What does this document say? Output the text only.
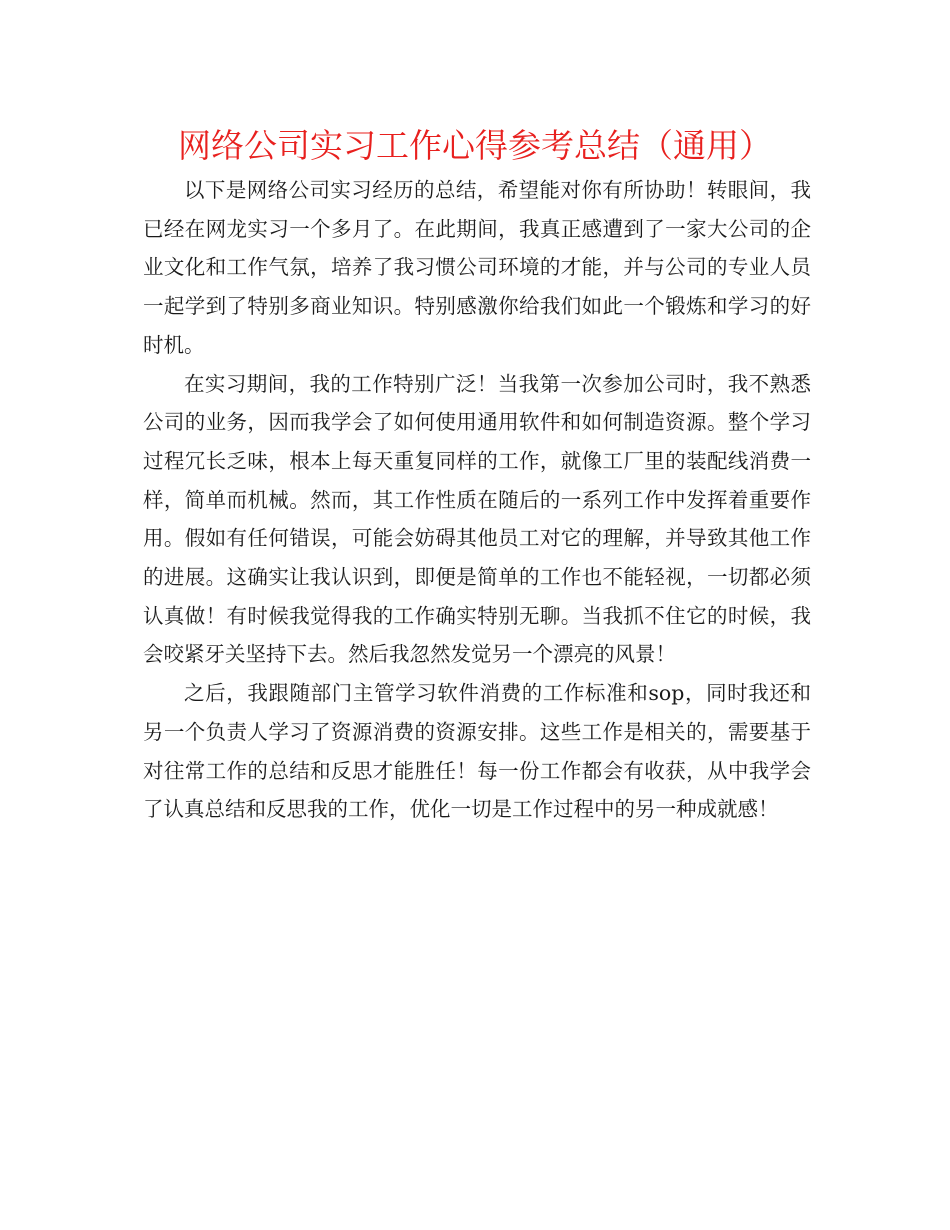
网络公司实习工作心得参考总结（通用）

以下是网络公司实习经历的总结，希望能对你有所协助！转眼间，我已经在网龙实习一个多月了。在此期间，我真正感遭到了一家大公司的企业文化和工作气氛，培养了我习惯公司环境的才能，并与公司的专业人员一起学到了特别多商业知识。特别感激你给我们如此一个锻炼和学习的好时机。

在实习期间，我的工作特别广泛！当我第一次参加公司时，我不熟悉公司的业务，因而我学会了如何使用通用软件和如何制造资源。整个学习过程冗长乏味，根本上每天重复同样的工作，就像工厂里的装配线消费一样，简单而机械。然而，其工作性质在随后的一系列工作中发挥着重要作用。假如有任何错误，可能会妨碍其他员工对它的理解，并导致其他工作的进展。这确实让我认识到，即便是简单的工作也不能轻视，一切都必须认真做！有时候我觉得我的工作确实特别无聊。当我抓不住它的时候，我会咬紧牙关坚持下去。然后我忽然发觉另一个漂亮的风景！

之后，我跟随部门主管学习软件消费的工作标准和sop，同时我还和另一个负责人学习了资源消费的资源安排。这些工作是相关的，需要基于对往常工作的总结和反思才能胜任！每一份工作都会有收获，从中我学会了认真总结和反思我的工作，优化一切是工作过程中的另一种成就感！
